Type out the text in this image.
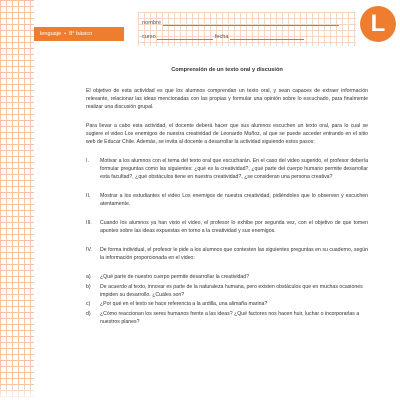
lenguaje • 8° básico
nombre
curso	fecha	L
Comprensión de un texto oral y discusión

El objetivo de esta actividad es que los alumnos comprendan un texto oral, y sean capaces de extraer información relevante, relacionar las ideas mencionadas con las propias y formular una opinión sobre lo escuchado, para finalmente realizar una discusión grupal.

Para llevar a cabo esta actividad, el docente deberá hacer que sus alumnos escuchen un texto oral, para lo cual se sugiere el video Los enemigos de nuestra creatividad de Leonardo Muñoz, al que se puede acceder entrando en el sitio web de Educar Chile. Además, se invita al docente a desarrollar la actividad siguiendo estos pasos:

I. Motivar a los alumnos con el tema del texto oral que escucharán. En el caso del video sugerido, el profesor debería formular preguntas como las siguientes: ¿qué es la creatividad?, ¿qué parte del cuerpo humano permite desarrollar esta facultad?, ¿qué obstáculos tiene en nuestra creatividad?, ¿se consideran una persona creativa?
II. Mostrar a los estudiantes el video Los enemigos de nuestra creatividad, pidiéndoles que lo observen y escuchen atentamente.
III. Cuando los alumnos ya han visto el video, el profesor lo exhibe por segunda vez, con el objetivo de que tomen apuntes sobre las ideas expuestas en torno a la creatividad y sus enemigos.
IV. De forma individual, el profesor le pide a los alumnos que contesten las siguientes preguntas en su cuaderno, según la información proporcionada en el video:
a) ¿Qué parte de nuestro cuerpo permite desarrollar la creatividad?
b) De acuerdo al texto, innovar es parte de la naturaleza humana, pero existen obstáculos que en muchas ocasiones impiden su desarrollo. ¿Cuáles son?
c) ¿Por qué en el texto se hace referencia a la ardilla, una alimaña marina?
d) ¿Cómo reaccionan los seres humanos frente a las ideas? ¿Qué factores nos hacen huir, luchar o incorporarlas a nuestros planes?
